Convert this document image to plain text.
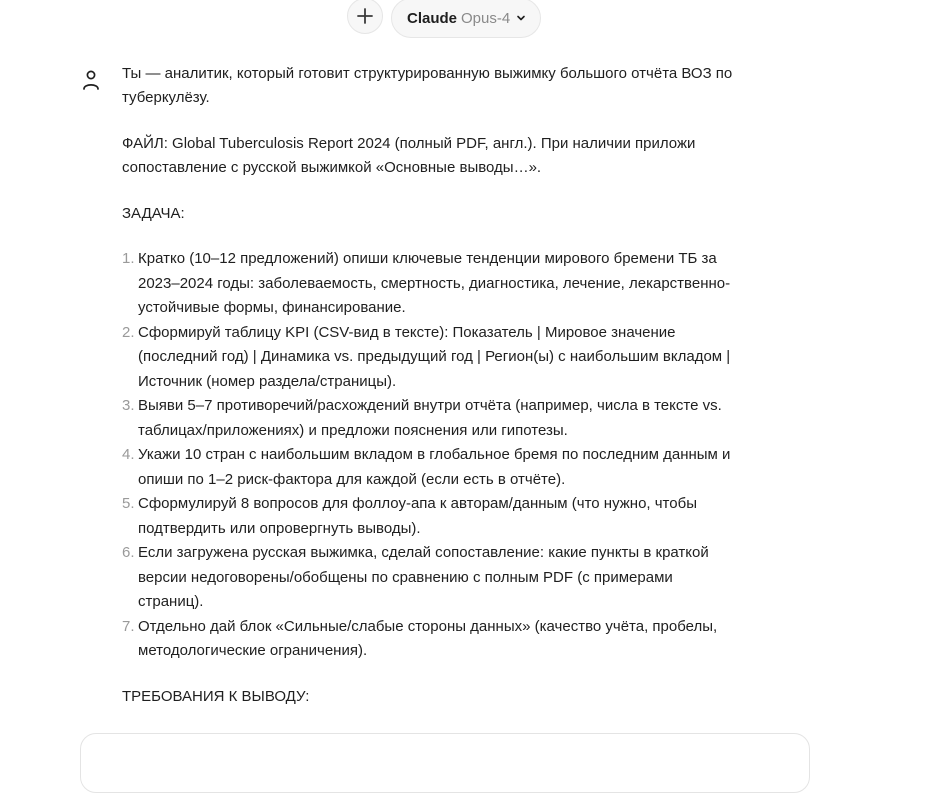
Claude Opus-4

Ты — аналитик, который готовит структурированную выжимку большого отчёта ВОЗ по туберкулёзу.

ФАЙЛ: Global Tuberculosis Report 2024 (полный PDF, англ.). При наличии приложи сопоставление с русской выжимкой «Основные выводы…».

ЗАДАЧА:

1. Кратко (10–12 предложений) опиши ключевые тенденции мирового бремени ТБ за 2023–2024 годы: заболеваемость, смертность, диагностика, лечение, лекарственно-устойчивые формы, финансирование.
2. Сформируй таблицу KPI (CSV-вид в тексте): Показатель | Мировое значение (последний год) | Динамика vs. предыдущий год | Регион(ы) с наибольшим вкладом | Источник (номер раздела/страницы).
3. Выяви 5–7 противоречий/расхождений внутри отчёта (например, числа в тексте vs. таблицах/приложениях) и предложи пояснения или гипотезы.
4. Укажи 10 стран с наибольшим вкладом в глобальное бремя по последним данным и опиши по 1–2 риск-фактора для каждой (если есть в отчёте).
5. Сформулируй 8 вопросов для фоллоу-апа к авторам/данным (что нужно, чтобы подтвердить или опровергнуть выводы).
6. Если загружена русская выжимка, сделай сопоставление: какие пункты в краткой версии недоговорены/обобщены по сравнению с полным PDF (с примерами страниц).
7. Отдельно дай блок «Сильные/слабые стороны данных» (качество учёта, пробелы, методологические ограничения).

ТРЕБОВАНИЯ К ВЫВОДУ:
